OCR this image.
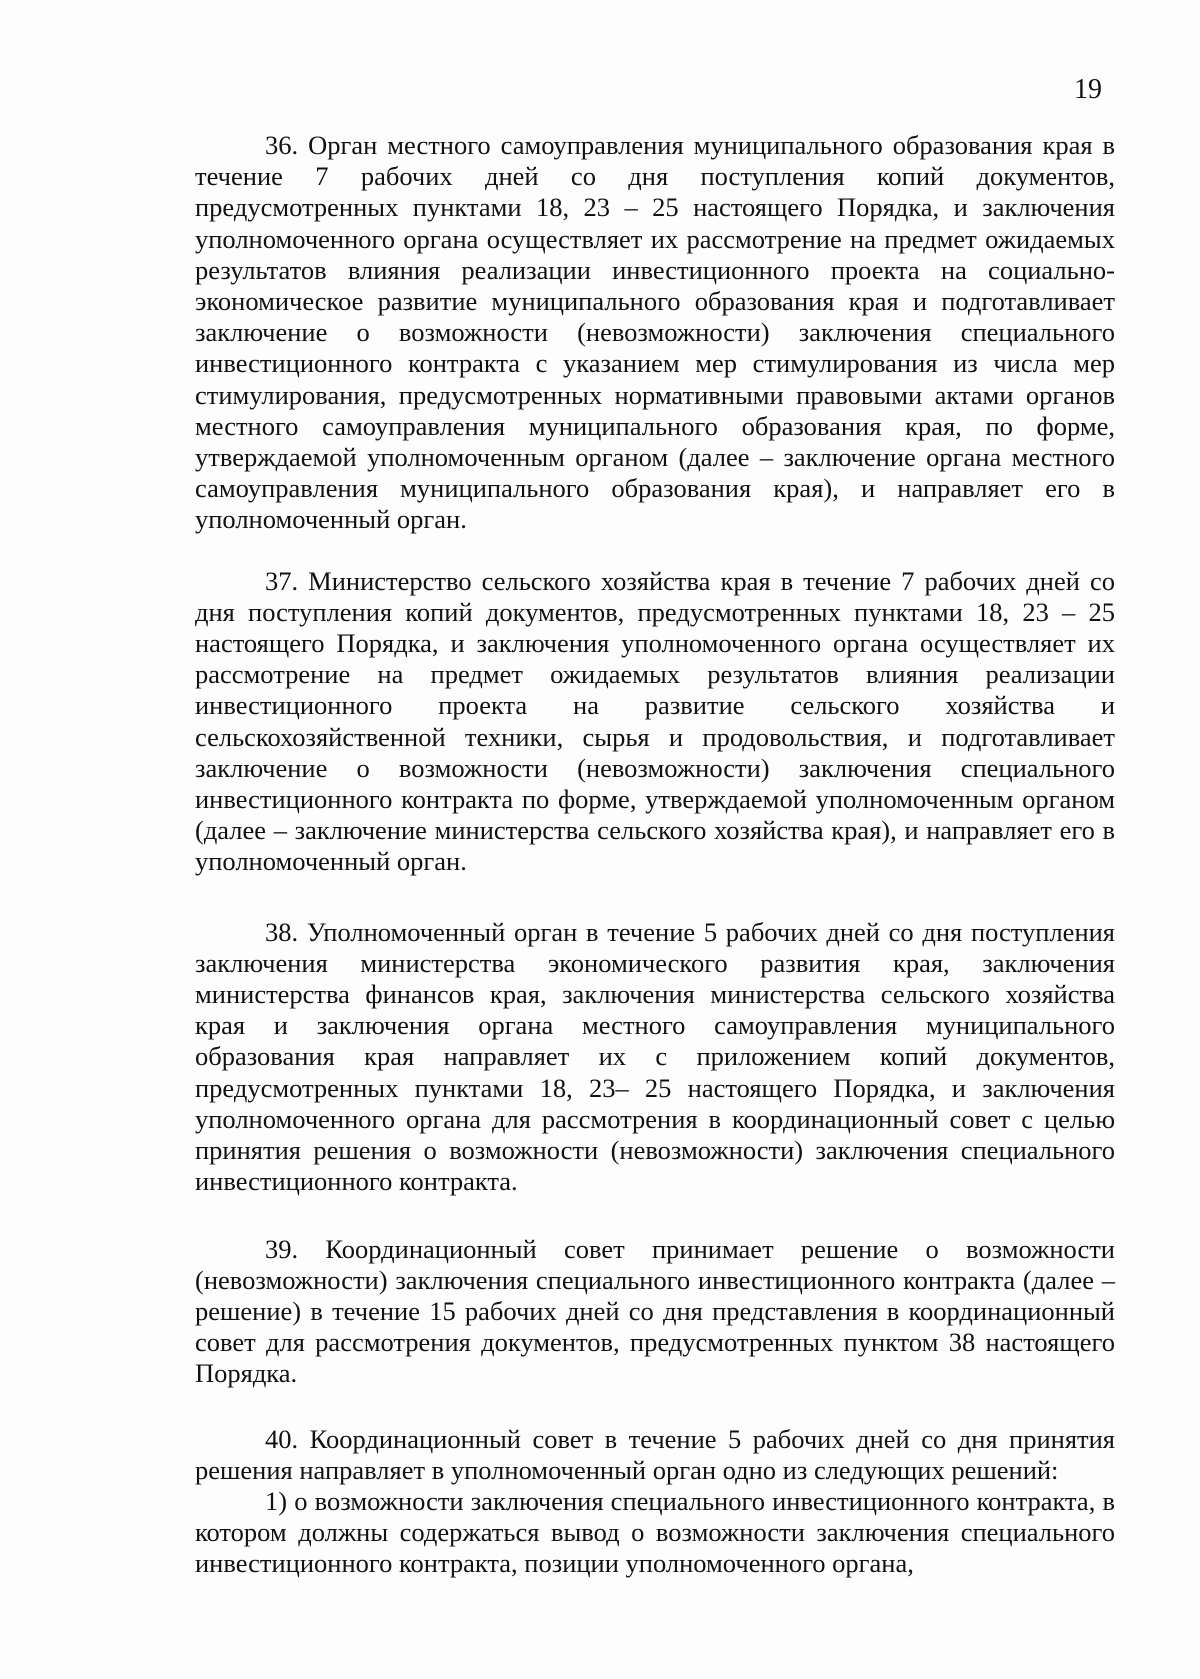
19

36. Орган местного самоуправления муниципального образования края в течение 7 рабочих дней со дня поступления копий документов, предусмотренных пунктами 18, 23 – 25 настоящего Порядка, и заключения уполномоченного органа осуществляет их рассмотрение на предмет ожидаемых результатов влияния реализации инвестиционного проекта на социально-экономическое развитие муниципального образования края и подготавливает заключение о возможности (невозможности) заключения специального инвестиционного контракта с указанием мер стимулирования из числа мер стимулирования, предусмотренных нормативными правовыми актами органов местного самоуправления муниципального образования края, по форме, утверждаемой уполномоченным органом (далее – заключение органа местного самоуправления муниципального образования края), и направляет его в уполномоченный орган.

37. Министерство сельского хозяйства края в течение 7 рабочих дней со дня поступления копий документов, предусмотренных пунктами 18, 23 – 25 настоящего Порядка, и заключения уполномоченного органа осуществляет их рассмотрение на предмет ожидаемых результатов влияния реализации инвестиционного проекта на развитие сельского хозяйства и сельскохозяйственной техники, сырья и продовольствия, и подготавливает заключение о возможности (невозможности) заключения специального инвестиционного контракта по форме, утверждаемой уполномоченным органом (далее – заключение министерства сельского хозяйства края), и направляет его в уполномоченный орган.

38. Уполномоченный орган в течение 5 рабочих дней со дня поступления заключения министерства экономического развития края, заключения министерства финансов края, заключения министерства сельского хозяйства края и заключения органа местного самоуправления муниципального образования края направляет их с приложением копий документов, предусмотренных пунктами 18, 23– 25 настоящего Порядка, и заключения уполномоченного органа для рассмотрения в координационный совет с целью принятия решения о возможности (невозможности) заключения специального инвестиционного контракта.

39. Координационный совет принимает решение о возможности (невозможности) заключения специального инвестиционного контракта (далее – решение) в течение 15 рабочих дней со дня представления в координационный совет для рассмотрения документов, предусмотренных пунктом 38 настоящего Порядка.

40. Координационный совет в течение 5 рабочих дней со дня принятия решения направляет в уполномоченный орган одно из следующих решений:

1) о возможности заключения специального инвестиционного контракта, в котором должны содержаться вывод о возможности заключения специального инвестиционного контракта, позиции уполномоченного органа,
